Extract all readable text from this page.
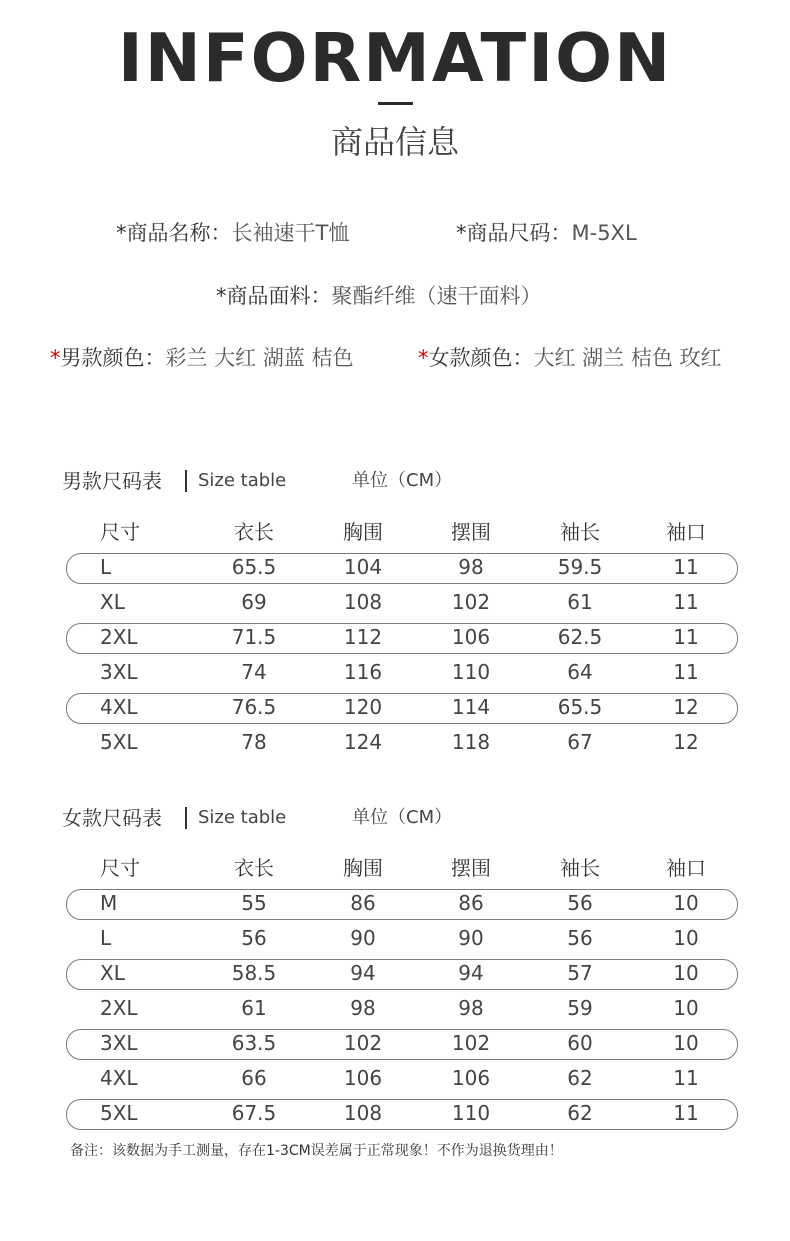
INFORMATION
商品信息
*商品名称：长袖速干T恤	*商品尺码：M-5XL
*商品面料：聚酯纤维（速干面料）
*男款颜色：彩兰 大红 湖蓝 桔色	*女款颜色：大红 湖兰 桔色 玫红
男款尺码表 Size table	单位（CM）
尺寸	衣长	胸围	摆围	袖长	袖口
L	65.5	104	98	59.5	11
XL	69	108	102	61	11
2XL	71.5	112	106	62.5	11
3XL	74	116	110	64	11
4XL	76.5	120	114	65.5	12
5XL	78	124	118	67	12
女款尺码表 Size table	单位（CM）
尺寸	衣长	胸围	摆围	袖长	袖口
M	55	86	86	56	10
L	56	90	90	56	10
XL	58.5	94	94	57	10
2XL	61	98	98	59	10
3XL	63.5	102	102	60	10
4XL	66	106	106	62	11
5XL	67.5	108	110	62	11
备注：该数据为手工测量，存在1-3CM误差属于正常现象！不作为退换货理由！
